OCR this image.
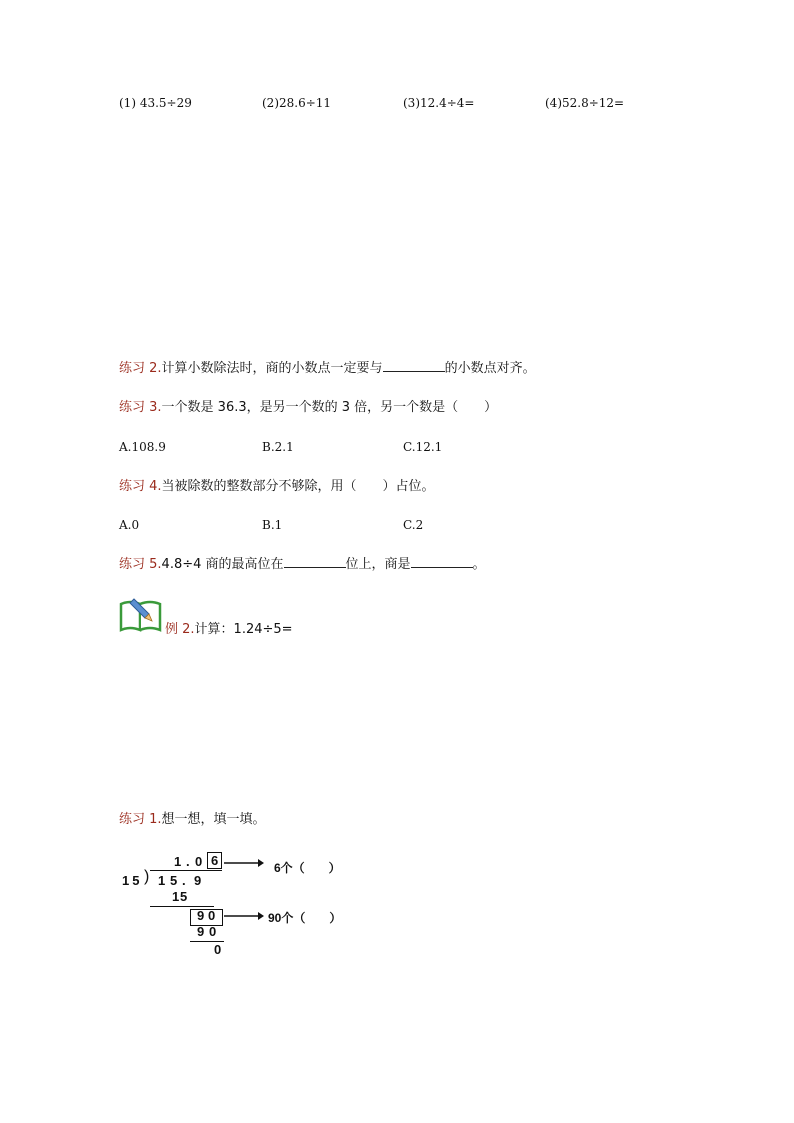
(1) 43.5÷29	(2)28.6÷11	(3)12.4÷4=	(4)52.8÷12=
练习 2.计算小数除法时，商的小数点一定要与	的小数点对齐。
练习 3.一个数是 36.3，是另一个数的 3 倍，另一个数是（　　）
A.108.9	B.2.1	C.12.1
练习 4.当被除数的整数部分不够除，用（　　）占位。
A.0	B.1	C.2
练习 5.4.8÷4 商的最高位在	位上，商是	。
例 2.计算：1.24÷5=
练习 1.想一想，填一填。
1 . 0 6
)
15 1 5 . 9
1 5
9 0
9 0
0
6个（　　）
90个（　　）
